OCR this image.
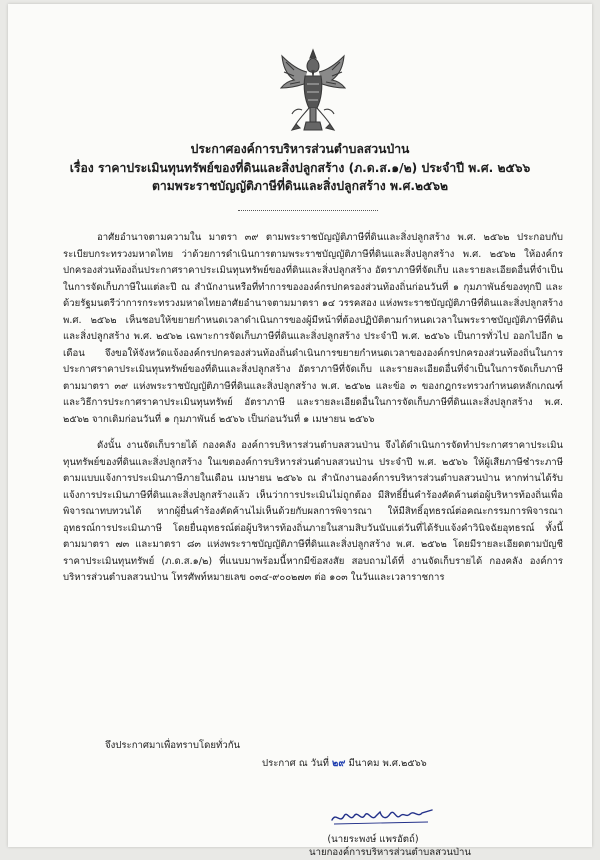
ประกาศองค์การบริหารส่วนตำบลสวนป่าน
เรื่อง ราคาประเมินทุนทรัพย์ของที่ดินและสิ่งปลูกสร้าง (ภ.ด.ส.๑/๒) ประจำปี พ.ศ. ๒๕๖๖
ตามพระราชบัญญัติภาษีที่ดินและสิ่งปลูกสร้าง พ.ศ.๒๕๖๒

อาศัยอำนาจตามความใน มาตรา ๓๙ ตามพระราชบัญญัติภาษีที่ดินและสิ่งปลูกสร้าง พ.ศ. ๒๕๖๒ ประกอบกับระเบียบกระทรวงมหาดไทย ว่าด้วยการดำเนินการตามพระราชบัญญัติภาษีที่ดินและสิ่งปลูกสร้าง พ.ศ. ๒๕๖๒ ให้องค์กรปกครองส่วนท้องถิ่นประกาศราคาประเมินทุนทรัพย์ของที่ดินและสิ่งปลูกสร้าง อัตราภาษีที่จัดเก็บ และรายละเอียดอื่นที่จำเป็นในการจัดเก็บภาษีในแต่ละปี ณ สำนักงานหรือที่ทำการขององค์กรปกครองส่วนท้องถิ่นก่อนวันที่ ๑ กุมภาพันธ์ของทุกปี และด้วยรัฐมนตรีว่าการกระทรวงมหาดไทยอาศัยอำนาจตามมาตรา ๑๔ วรรคสอง แห่งพระราชบัญญัติภาษีที่ดินและสิ่งปลูกสร้าง พ.ศ. ๒๕๖๒ เห็นชอบให้ขยายกำหนดเวลาดำเนินการของผู้มีหน้าที่ต้องปฏิบัติตามกำหนดเวลาในพระราชบัญญัติภาษีที่ดินและสิ่งปลูกสร้าง พ.ศ. ๒๕๖๒ เฉพาะการจัดเก็บภาษีที่ดินและสิ่งปลูกสร้าง ประจำปี พ.ศ. ๒๕๖๖ เป็นการทั่วไป ออกไปอีก ๒ เดือน จึงขอให้จังหวัดแจ้งองค์กรปกครองส่วนท้องถิ่นดำเนินการขยายกำหนดเวลาขององค์กรปกครองส่วนท้องถิ่นในการประกาศราคาประเมินทุนทรัพย์ของที่ดินและสิ่งปลูกสร้าง อัตราภาษีที่จัดเก็บ และรายละเอียดอื่นที่จำเป็นในการจัดเก็บภาษี ตามมาตรา ๓๙ แห่งพระราชบัญญัติภาษีที่ดินและสิ่งปลูกสร้าง พ.ศ. ๒๕๖๒ และข้อ ๓ ของกฎกระทรวงกำหนดหลักเกณฑ์และวิธีการประกาศราคาประเมินทุนทรัพย์ อัตราภาษี และรายละเอียดอื่นในการจัดเก็บภาษีที่ดินและสิ่งปลูกสร้าง พ.ศ. ๒๕๖๒ จากเดิมก่อนวันที่ ๑ กุมภาพันธ์ ๒๕๖๖ เป็นก่อนวันที่ ๑ เมษายน ๒๕๖๖

ดังนั้น งานจัดเก็บรายได้ กองคลัง องค์การบริหารส่วนตำบลสวนป่าน จึงได้ดำเนินการจัดทำประกาศราคาประเมินทุนทรัพย์ของที่ดินและสิ่งปลูกสร้าง ในเขตองค์การบริหารส่วนตำบลสวนป่าน ประจำปี พ.ศ. ๒๕๖๖ ให้ผู้เสียภาษีชำระภาษีตามแบบแจ้งการประเมินภาษีภายในเดือน เมษายน ๒๕๖๖ ณ สำนักงานองค์การบริหารส่วนตำบลสวนป่าน หากท่านได้รับแจ้งการประเมินภาษีที่ดินและสิ่งปลูกสร้างแล้ว เห็นว่าการประเมินไม่ถูกต้อง มีสิทธิ์ยื่นคำร้องคัดค้านต่อผู้บริหารท้องถิ่นเพื่อพิจารณาทบทวนได้ หากผู้ยื่นคำร้องคัดค้านไม่เห็นด้วยกับผลการพิจารณา ให้มีสิทธิ์อุทธรณ์ต่อคณะกรรมการพิจารณาอุทธรณ์การประเมินภาษี โดยยื่นอุทธรณ์ต่อผู้บริหารท้องถิ่นภายในสามสิบวันนับแต่วันที่ได้รับแจ้งคำวินิจฉัยอุทธรณ์ ทั้งนี้ ตามมาตรา ๗๓ และมาตรา ๘๓ แห่งพระราชบัญญัติภาษีที่ดินและสิ่งปลูกสร้าง พ.ศ. ๒๕๖๒ โดยมีรายละเอียดตามบัญชีราคาประเมินทุนทรัพย์ (ภ.ด.ส.๑/๒) ที่แนบมาพร้อมนี้หากมีข้อสงสัย สอบถามได้ที่ งานจัดเก็บรายได้ กองคลัง องค์การบริหารส่วนตำบลสวนป่าน โทรศัพท์หมายเลข ๐๓๔-๙๐๐๒๗๓ ต่อ ๑๐๓ ในวันและเวลาราชการ

จึงประกาศมาเพื่อทราบโดยทั่วกัน
ประกาศ ณ วันที่ ๒๙ มีนาคม พ.ศ.๒๕๖๖
(นายระพงษ์ แพรอัตถ์)
นายกองค์การบริหารส่วนตำบลสวนป่าน
